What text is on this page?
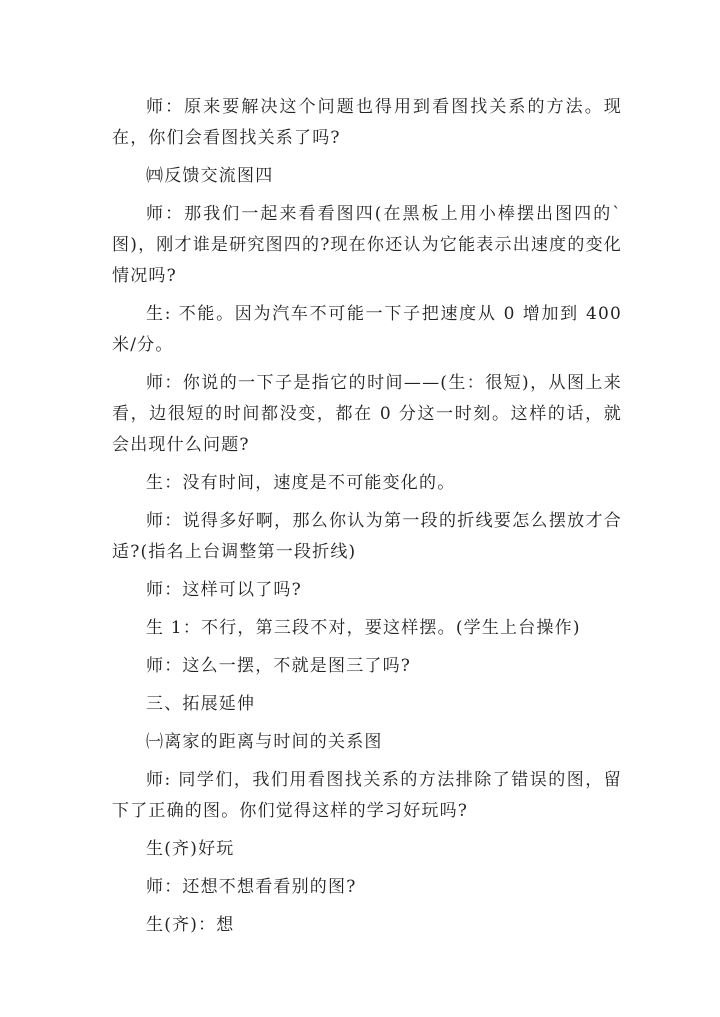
师：原来要解决这个问题也得用到看图找关系的方法。现在，你们会看图找关系了吗?

㈣反馈交流图四

师：那我们一起来看看图四(在黑板上用小棒摆出图四的`图)，刚才谁是研究图四的?现在你还认为它能表示出速度的变化情况吗?

生: 不能。因为汽车不可能一下子把速度从 0 增加到 400 米/分。

师：你说的一下子是指它的时间——(生：很短)，从图上来看，边很短的时间都没变，都在 0 分这一时刻。这样的话，就会出现什么问题?

生：没有时间，速度是不可能变化的。

师：说得多好啊，那么你认为第一段的折线要怎么摆放才合适?(指名上台调整第一段折线)

师：这样可以了吗?

生 1：不行，第三段不对，要这样摆。(学生上台操作)

师：这么一摆，不就是图三了吗?

三、拓展延伸

㈠离家的距离与时间的关系图

师: 同学们，我们用看图找关系的方法排除了错误的图，留下了正确的图。你们觉得这样的学习好玩吗?

生(齐)好玩

师：还想不想看看别的图?

生(齐)：想
